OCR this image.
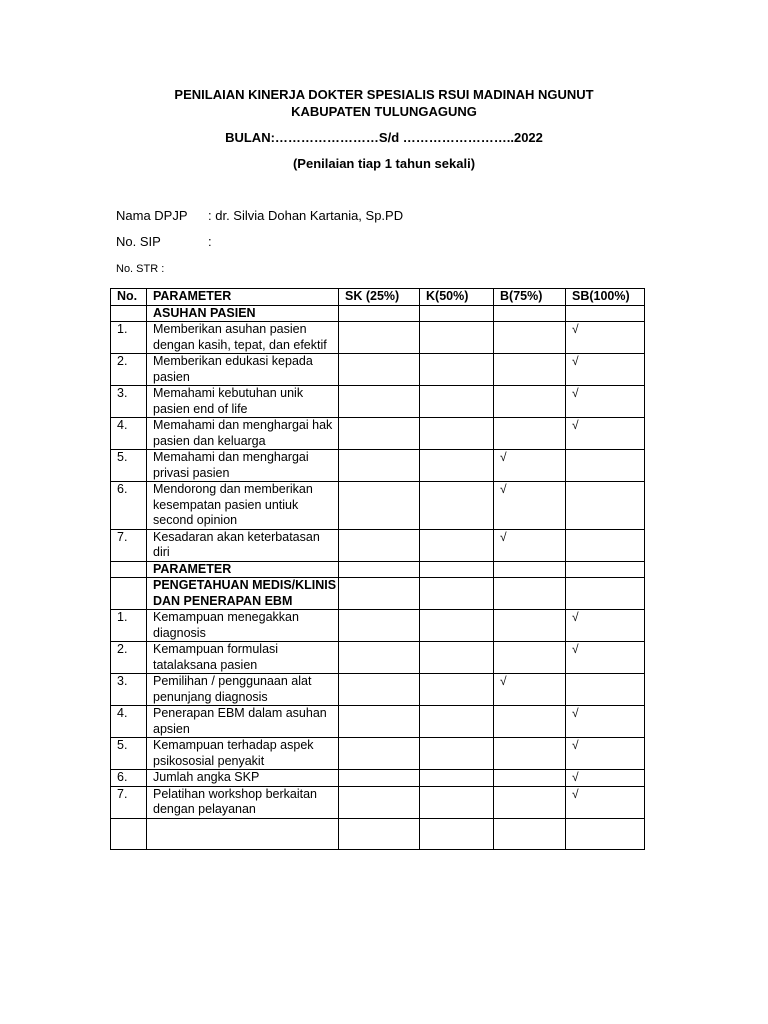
PENILAIAN KINERJA DOKTER SPESIALIS RSUI MADINAH NGUNUT
KABUPATEN TULUNGAGUNG
BULAN:……………………S/d ……………………..2022
(Penilaian tiap 1 tahun sekali)
Nama DPJP	: dr. Silvia Dohan Kartania, Sp.PD
No. SIP	:
No. STR :
No.	PARAMETER	SK (25%)	K(50%)	B(75%)	SB(100%)
	ASUHAN PASIEN				
1.	Memberikan asuhan pasien dengan kasih, tepat, dan efektif				√
2.	Memberikan edukasi kepada pasien				√
3.	Memahami kebutuhan unik pasien end of life				√
4.	Memahami dan menghargai hak pasien dan keluarga				√
5.	Memahami dan menghargai privasi pasien			√	
6.	Mendorong dan memberikan kesempatan pasien untiuk second opinion			√	
7.	Kesadaran akan keterbatasan diri			√	
	PARAMETER				
	PENGETAHUAN MEDIS/KLINIS DAN PENERAPAN EBM				
1.	Kemampuan menegakkan diagnosis				√
2.	Kemampuan formulasi tatalaksana pasien				√
3.	Pemilihan / penggunaan alat penunjang diagnosis			√	
4.	Penerapan EBM dalam asuhan apsien				√
5.	Kemampuan terhadap aspek psikososial penyakit				√
6.	Jumlah angka SKP				√
7.	Pelatihan workshop berkaitan dengan pelayanan				√
